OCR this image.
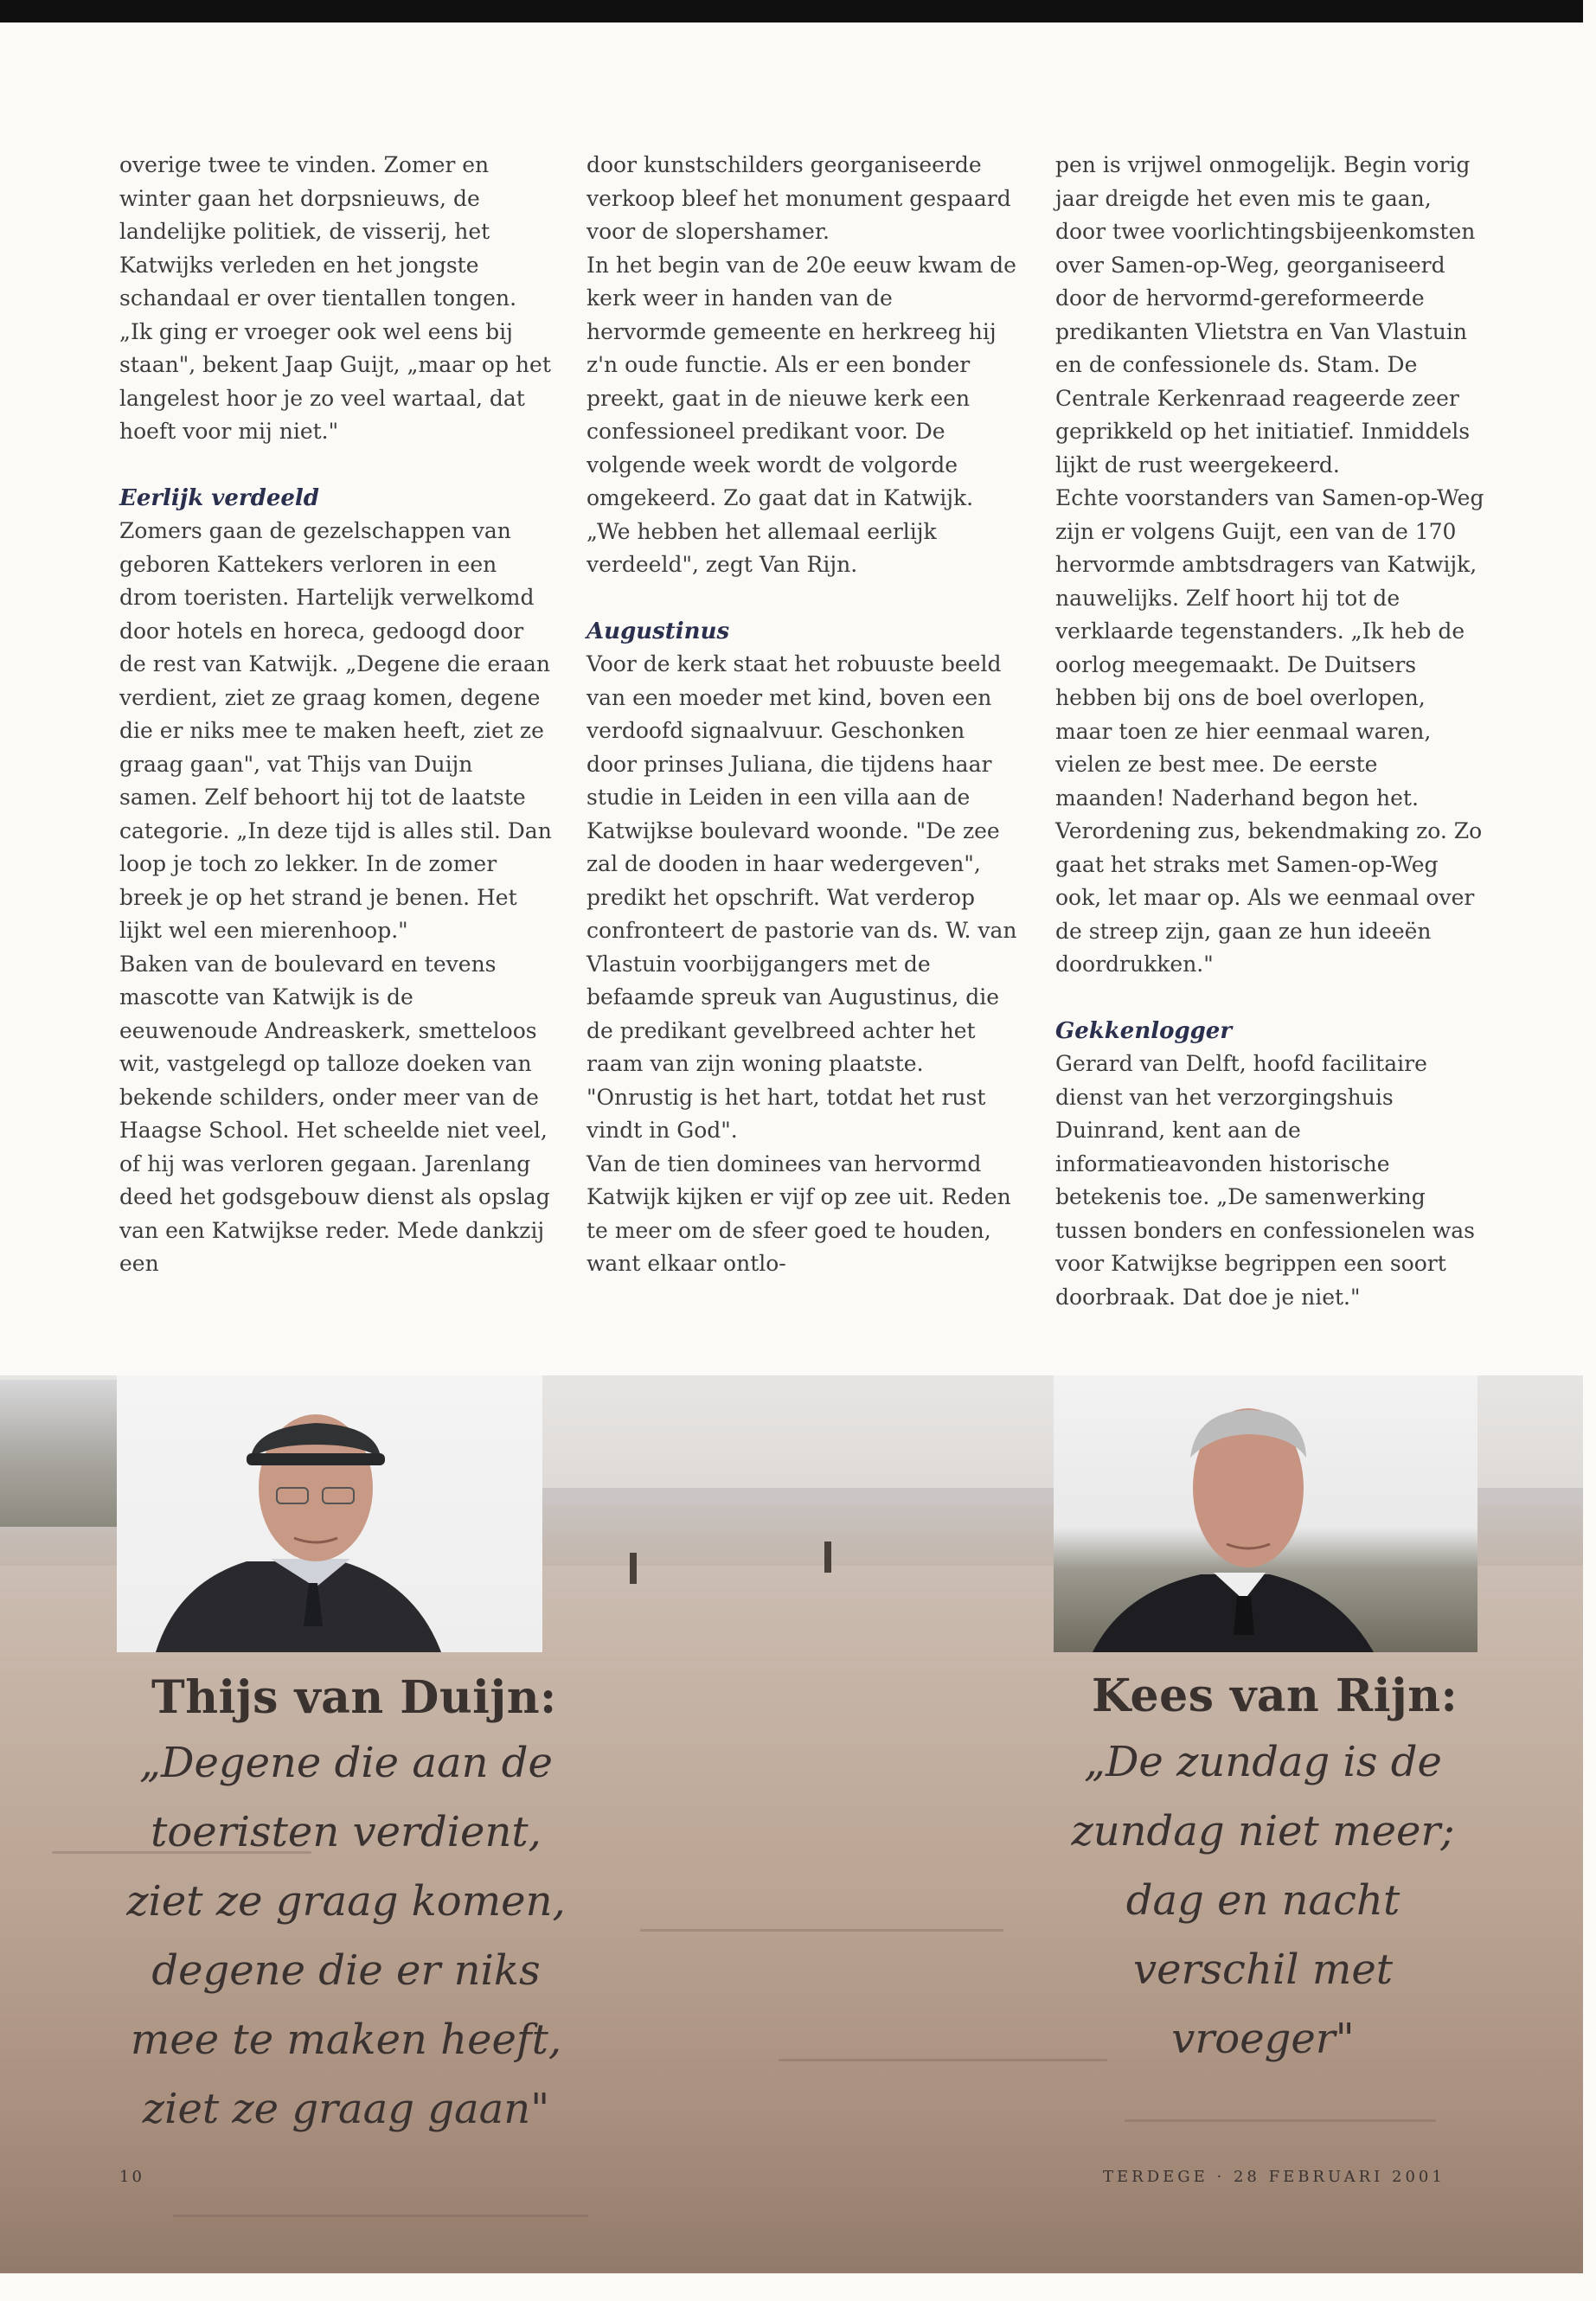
overige twee te vinden. Zomer en winter gaan het dorpsnieuws, de landelijke politiek, de visserij, het Katwijks verleden en het jongste schandaal er over tientallen tongen. „Ik ging er vroeger ook wel eens bij staan", bekent Jaap Guijt, „maar op het langelest hoor je zo veel wartaal, dat hoeft voor mij niet."

Eerlijk verdeeld

Zomers gaan de gezelschappen van geboren Kattekers verloren in een drom toeristen. Hartelijk verwelkomd door hotels en horeca, gedoogd door de rest van Katwijk. „Degene die eraan verdient, ziet ze graag komen, degene die er niks mee te maken heeft, ziet ze graag gaan", vat Thijs van Duijn samen. Zelf behoort hij tot de laatste categorie. „In deze tijd is alles stil. Dan loop je toch zo lekker. In de zomer breek je op het strand je benen. Het lijkt wel een mierenhoop."

Baken van de boulevard en tevens mascotte van Katwijk is de eeuwenoude Andreaskerk, smetteloos wit, vastgelegd op talloze doeken van bekende schilders, onder meer van de Haagse School. Het scheelde niet veel, of hij was verloren gegaan. Jarenlang deed het godsgebouw dienst als opslag van een Katwijkse reder. Mede dankzij een

door kunstschilders georganiseerde verkoop bleef het monument gespaard voor de slopershamer.

In het begin van de 20e eeuw kwam de kerk weer in handen van de hervormde gemeente en herkreeg hij z'n oude functie. Als er een bonder preekt, gaat in de nieuwe kerk een confessioneel predikant voor. De volgende week wordt de volgorde omgekeerd. Zo gaat dat in Katwijk. „We hebben het allemaal eerlijk verdeeld", zegt Van Rijn.

Augustinus

Voor de kerk staat het robuuste beeld van een moeder met kind, boven een verdoofd signaalvuur. Geschonken door prinses Juliana, die tijdens haar studie in Leiden in een villa aan de Katwijkse boulevard woonde. "De zee zal de dooden in haar wedergeven", predikt het opschrift. Wat verderop confronteert de pastorie van ds. W. van Vlastuin voorbijgangers met de befaamde spreuk van Augustinus, die de predikant gevelbreed achter het raam van zijn woning plaatste. "Onrustig is het hart, totdat het rust vindt in God".

Van de tien dominees van hervormd Katwijk kijken er vijf op zee uit. Reden te meer om de sfeer goed te houden, want elkaar ontlo-

pen is vrijwel onmogelijk. Begin vorig jaar dreigde het even mis te gaan, door twee voorlichtingsbijeenkomsten over Samen-op-Weg, georganiseerd door de hervormd-gereformeerde predikanten Vlietstra en Van Vlastuin en de confessionele ds. Stam. De Centrale Kerkenraad reageerde zeer geprikkeld op het initiatief. Inmiddels lijkt de rust weergekeerd.

Echte voorstanders van Samen-op-Weg zijn er volgens Guijt, een van de 170 hervormde ambtsdragers van Katwijk, nauwelijks. Zelf hoort hij tot de verklaarde tegenstanders. „Ik heb de oorlog meegemaakt. De Duitsers hebben bij ons de boel overlopen, maar toen ze hier eenmaal waren, vielen ze best mee. De eerste maanden! Naderhand begon het. Verordening zus, bekendmaking zo. Zo gaat het straks met Samen-op-Weg ook, let maar op. Als we eenmaal over de streep zijn, gaan ze hun ideeën doordrukken."

Gekkenlogger

Gerard van Delft, hoofd facilitaire dienst van het verzorgingshuis Duinrand, kent aan de informatieavonden historische betekenis toe. „De samenwerking tussen bonders en confessionelen was voor Katwijkse begrippen een soort doorbraak. Dat doe je niet."

Thijs van Duijn:
„Degene die aan de
toeristen verdient,
ziet ze graag komen,
degene die er niks
mee te maken heeft,
ziet ze graag gaan"
Kees van Rijn:
„De zundag is de
zundag niet meer;
dag en nacht
verschil met
vroeger"
10	TERDEGE · 28 FEBRUARI 2001
